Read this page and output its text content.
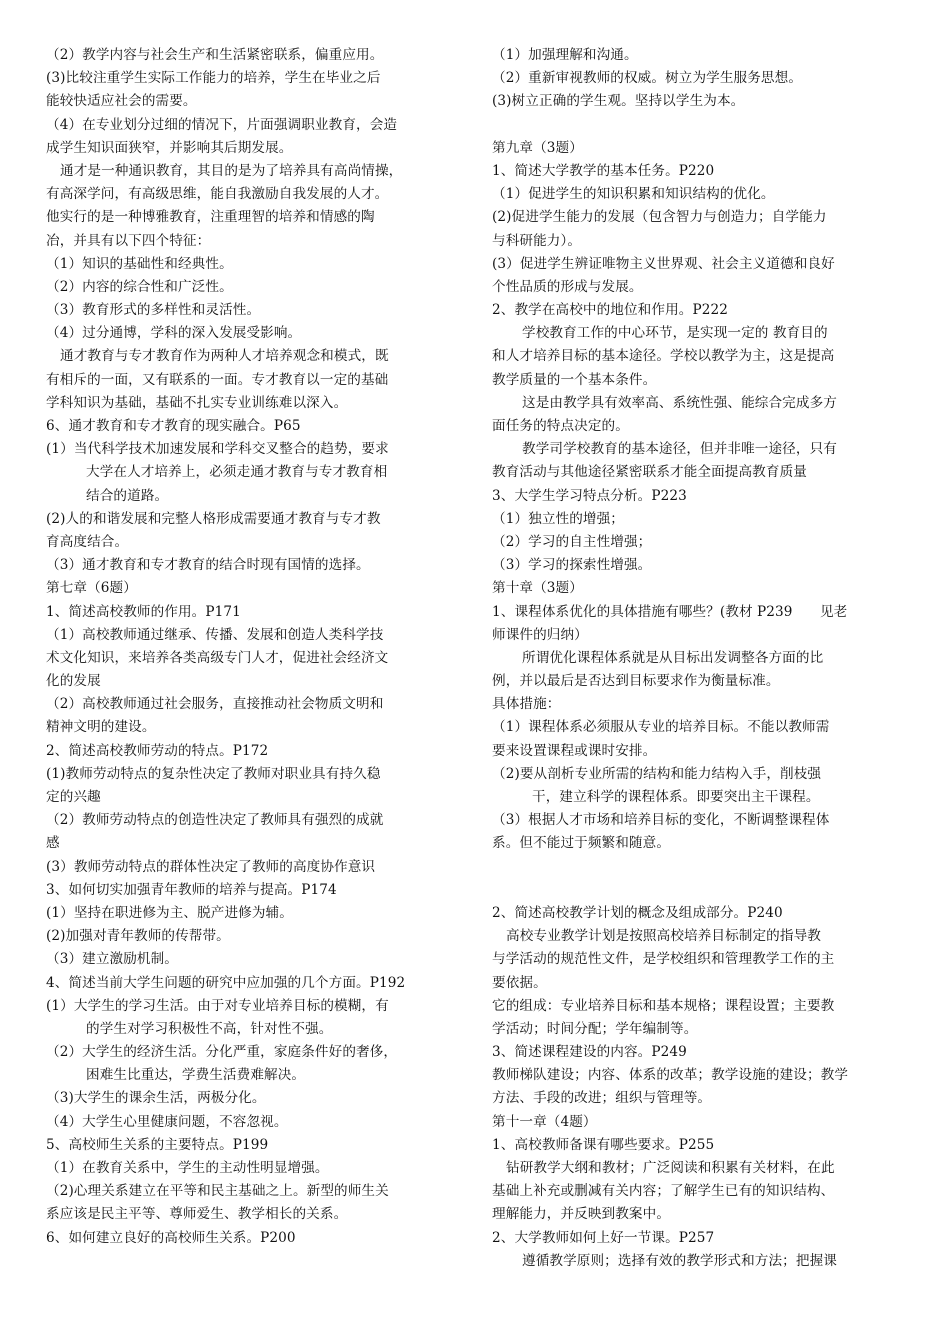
（2）教学内容与社会生产和生活紧密联系，偏重应用。
(3)比较注重学生实际工作能力的培养，学生在毕业之后
能较快适应社会的需要。
（4）在专业划分过细的情况下，片面强调职业教育，会造
成学生知识面狭窄，并影响其后期发展。
通才是一种通识教育，其目的是为了培养具有高尚情操，
有高深学问，有高级思维，能自我激励自我发展的人才。
他实行的是一种博雅教育，注重理智的培养和情感的陶
冶，并具有以下四个特征：
（1）知识的基础性和经典性。
（2）内容的综合性和广泛性。
（3）教育形式的多样性和灵活性。
（4）过分通博，学科的深入发展受影响。
通才教育与专才教育作为两种人才培养观念和模式，既
有相斥的一面，又有联系的一面。专才教育以一定的基础
学科知识为基础，基础不扎实专业训练难以深入。
6、通才教育和专才教育的现实融合。P65
(1）当代科学技术加速发展和学科交叉整合的趋势，要求
大学在人才培养上，必须走通才教育与专才教育相
结合的道路。
(2)人的和谐发展和完整人格形成需要通才教育与专才教
育高度结合。
（3）通才教育和专才教育的结合时现有国情的选择。
第七章（6题）
1、简述高校教师的作用。P171
（1）高校教师通过继承、传播、发展和创造人类科学技
术文化知识，来培养各类高级专门人才，促进社会经济文
化的发展
（2）高校教师通过社会服务，直接推动社会物质文明和
精神文明的建设。
2、简述高校教师劳动的特点。P172
(1)教师劳动特点的复杂性决定了教师对职业具有持久稳
定的兴趣
（2）教师劳动特点的创造性决定了教师具有强烈的成就
感
(3）教师劳动特点的群体性决定了教师的高度协作意识
3、如何切实加强青年教师的培养与提高。P174
(1）坚持在职进修为主、脱产进修为辅。
(2)加强对青年教师的传帮带。
（3）建立激励机制。
4、简述当前大学生问题的研究中应加强的几个方面。P192
(1）大学生的学习生活。由于对专业培养目标的模糊，有
的学生对学习积极性不高，针对性不强。
（2）大学生的经济生活。分化严重，家庭条件好的奢侈，
困难生比重达，学费生活费难解决。
（3)大学生的课余生活，两极分化。
（4）大学生心里健康问题，不容忽视。
5、高校师生关系的主要特点。P199
（1）在教育关系中，学生的主动性明显增强。
（2)心理关系建立在平等和民主基础之上。新型的师生关
系应该是民主平等、尊师爱生、教学相长的关系。
6、如何建立良好的高校师生关系。P200
（1）加强理解和沟通。
（2）重新审视教师的权威。树立为学生服务思想。
(3)树立正确的学生观。坚持以学生为本。
第九章（3题）
1、简述大学教学的基本任务。P220
（1）促进学生的知识积累和知识结构的优化。
(2)促进学生能力的发展（包含智力与创造力；自学能力
与科研能力）。
(3）促进学生辨证唯物主义世界观、社会主义道德和良好
个性品质的形成与发展。
2、教学在高校中的地位和作用。P222
学校教育工作的中心环节，是实现一定的 教育目的
和人才培养目标的基本途径。学校以教学为主，这是提高
教学质量的一个基本条件。
这是由教学具有效率高、系统性强、能综合完成多方
面任务的特点决定的。
教学司学校教育的基本途径，但并非唯一途径，只有
教育活动与其他途径紧密联系才能全面提高教育质量
3、大学生学习特点分析。P223
（1）独立性的增强；
（2）学习的自主性增强；
（3）学习的探索性增强。
第十章（3题）
1、课程体系优化的具体措施有哪些？(教材 P239　　见老
师课件的归纳）
所谓优化课程体系就是从目标出发调整各方面的比
例，并以最后是否达到目标要求作为衡量标准。
具体措施：
（1）课程体系必须服从专业的培养目标。不能以教师需
要来设置课程或课时安排。
（2)要从剖析专业所需的结构和能力结构入手，削枝强
干，建立科学的课程体系。即要突出主干课程。
（3）根据人才市场和培养目标的变化，不断调整课程体
系。但不能过于频繁和随意。
2、简述高校教学计划的概念及组成部分。P240
高校专业教学计划是按照高校培养目标制定的指导教
与学活动的规范性文件，是学校组织和管理教学工作的主
要依据。
它的组成：专业培养目标和基本规格；课程设置；主要教
学活动；时间分配；学年编制等。
3、简述课程建设的内容。P249
教师梯队建设；内容、体系的改革；教学设施的建设；教学
方法、手段的改进；组织与管理等。
第十一章（4题）
1、高校教师备课有哪些要求。P255
钻研教学大纲和教材；广泛阅读和积累有关材料，在此
基础上补充或删减有关内容；了解学生已有的知识结构、
理解能力，并反映到教案中。
2、大学教师如何上好一节课。P257
遵循教学原则；选择有效的教学形式和方法；把握课
